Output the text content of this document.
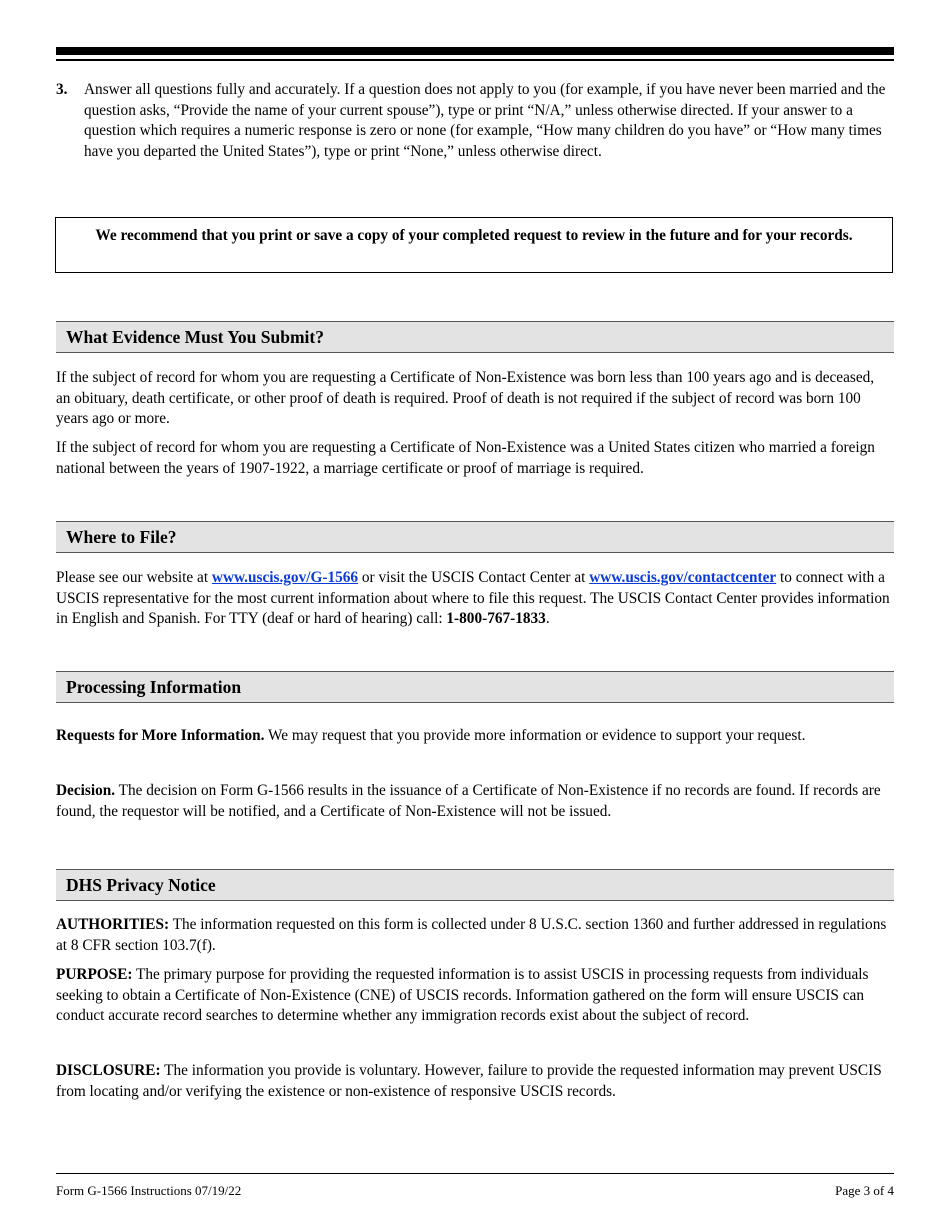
3. Answer all questions fully and accurately. If a question does not apply to you (for example, if you have never been married and the question asks, “Provide the name of your current spouse”), type or print “N/A,” unless otherwise directed. If your answer to a question which requires a numeric response is zero or none (for example, “How many children do you have” or “How many times have you departed the United States”), type or print “None,” unless otherwise direct.
We recommend that you print or save a copy of your completed request to review in the future and for your records.
What Evidence Must You Submit?

If the subject of record for whom you are requesting a Certificate of Non-Existence was born less than 100 years ago and is deceased, an obituary, death certificate, or other proof of death is required. Proof of death is not required if the subject of record was born 100 years ago or more.

If the subject of record for whom you are requesting a Certificate of Non-Existence was a United States citizen who married a foreign national between the years of 1907-1922, a marriage certificate or proof of marriage is required.

Where to File?

Please see our website at www.uscis.gov/G-1566 or visit the USCIS Contact Center at www.uscis.gov/contactcenter to connect with a USCIS representative for the most current information about where to file this request. The USCIS Contact Center provides information in English and Spanish. For TTY (deaf or hard of hearing) call: 1-800-767-1833.

Processing Information

Requests for More Information. We may request that you provide more information or evidence to support your request.

Decision. The decision on Form G-1566 results in the issuance of a Certificate of Non-Existence if no records are found. If records are found, the requestor will be notified, and a Certificate of Non-Existence will not be issued.

DHS Privacy Notice

AUTHORITIES: The information requested on this form is collected under 8 U.S.C. section 1360 and further addressed in regulations at 8 CFR section 103.7(f).

PURPOSE: The primary purpose for providing the requested information is to assist USCIS in processing requests from individuals seeking to obtain a Certificate of Non-Existence (CNE) of USCIS records. Information gathered on the form will ensure USCIS can conduct accurate record searches to determine whether any immigration records exist about the subject of record.

DISCLOSURE: The information you provide is voluntary. However, failure to provide the requested information may prevent USCIS from locating and/or verifying the existence or non-existence of responsive USCIS records.

Form G-1566 Instructions 07/19/22	Page 3 of 4
